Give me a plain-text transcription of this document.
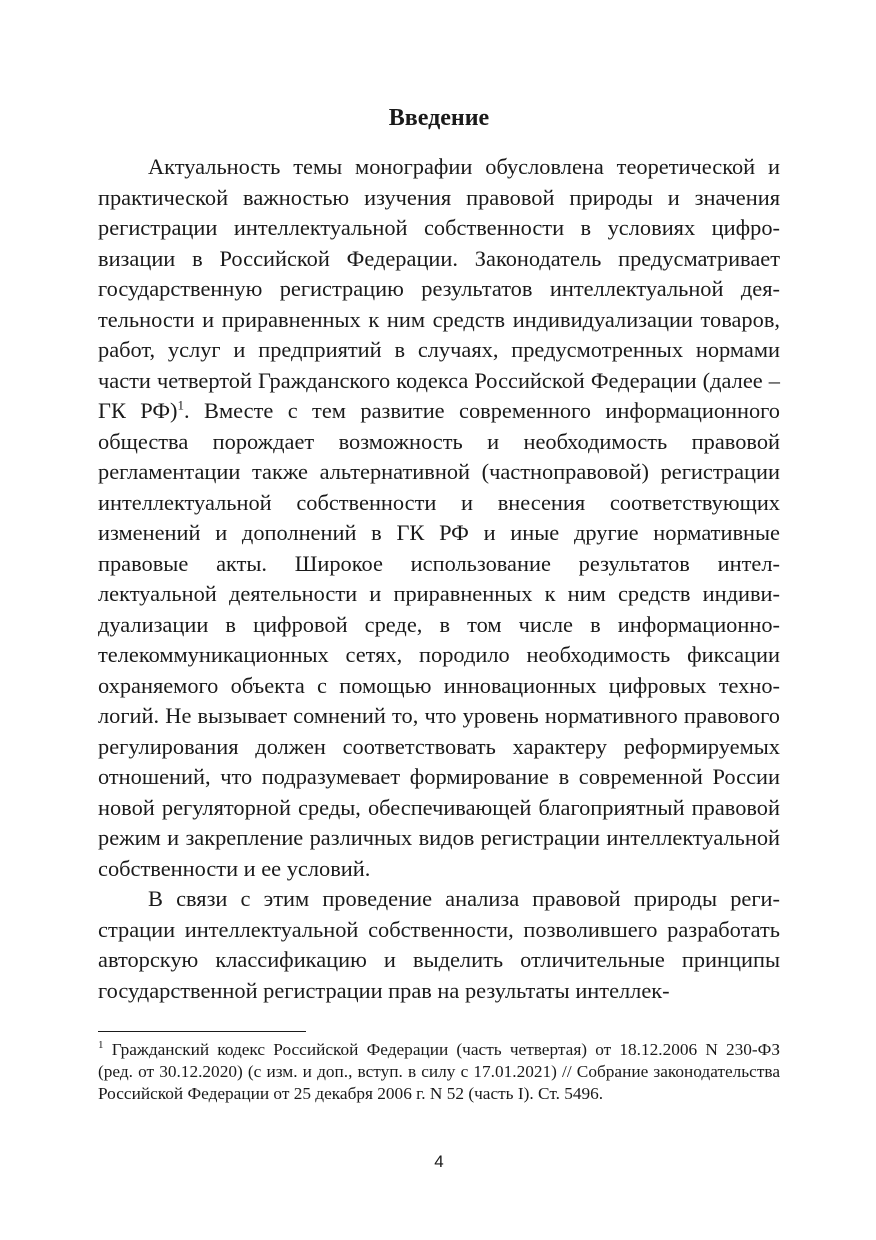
Введение

Актуальность темы монографии обусловлена теоретической и практической важностью изучения правовой природы и значения регистрации интеллектуальной собственности в условиях цифровизации в Российской Федерации. Законодатель предусматривает государственную регистрацию результатов интеллектуальной деятельности и приравненных к ним средств индивидуализации товаров, работ, услуг и предприятий в случаях, предусмотренных нормами части четвертой Гражданского кодекса Российской Федерации (далее – ГК РФ)$^1$. Вместе с тем развитие современного информационного общества порождает возможность и необходимость правовой регламентации также альтернативной (частноправовой) регистрации интеллектуальной собственности и внесения соответствующих изменений и дополнений в ГК РФ и иные другие нормативные правовые акты. Широкое использование результатов интеллектуальной деятельности и приравненных к ним средств индивидуализации в цифровой среде, в том числе в информационно-телекоммуникационных сетях, породило необходимость фиксации охраняемого объекта с помощью инновационных цифровых технологий. Не вызывает сомнений то, что уровень нормативного правового регулирования должен соответствовать характеру реформируемых отношений, что подразумевает формирование в современной России новой регуляторной среды, обеспечивающей благоприятный правовой режим и закрепление различных видов регистрации интеллектуальной собственности и ее условий.

В связи с этим проведение анализа правовой природы регистрации интеллектуальной собственности, позволившего разработать авторскую классификацию и выделить отличительные принципы государственной регистрации прав на результаты интеллек-

$^1$ Гражданский кодекс Российской Федерации (часть четвертая) от 18.12.2006 N 230-ФЗ (ред. от 30.12.2020) (с изм. и доп., вступ. в силу с 17.01.2021) // Собрание законодательства Российской Федерации от 25 декабря 2006 г. N 52 (часть I). Ст. 5496.

4
